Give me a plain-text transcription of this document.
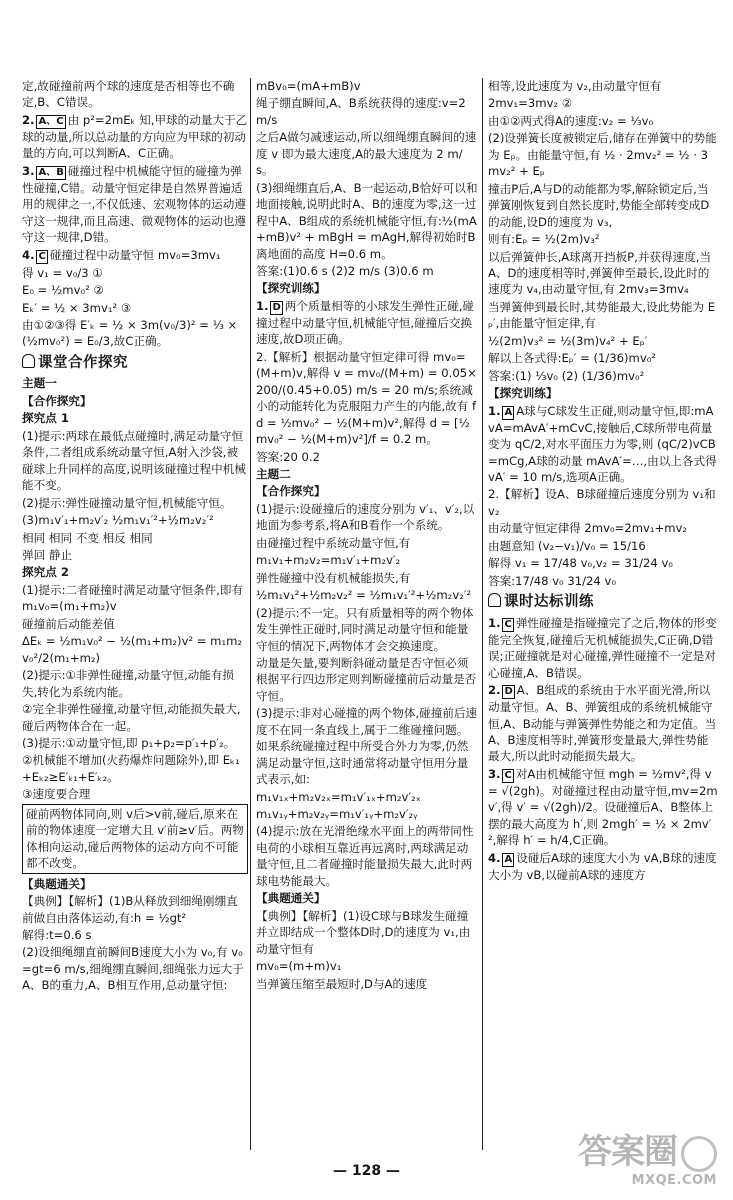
定,故碰撞前两个球的速度是否相等也不确定,B、C错误。

2. A、C 由 p²=2mEₖ 知,甲球的动量大于乙球的动量,所以总动量的方向应为甲球的初动量的方向,可以判断A、C正确。

3. A、B 碰撞过程中机械能守恒的碰撞为弹性碰撞,C错。动量守恒定律是自然界普遍适用的规律之一,不仅低速、宏观物体的运动遵守这一规律,而且高速、微观物体的运动也遵守这一规律,D错。

4. C 碰撞过程中动量守恒 mv₀=3mv₁

得 v₁ = v₀/3 ①

E₀ = ½mv₀² ②

Eₖ′ = ½ × 3mv₁² ③

由①②③得 E′ₖ = ½ × 3m(v₀/3)² = ⅓ × (½mv₀²) = E₀/3,故C正确。

课堂合作探究

主题一

【合作探究】

探究点 1

(1)提示:两球在最低点碰撞时,满足动量守恒条件,二者组成系统动量守恒,A射入沙袋,被碰球上升同样的高度,说明该碰撞过程中机械能不变。

(2)提示:弹性碰撞动量守恒,机械能守恒。

(3)m₁v′₁+m₂v′₂ ½m₁v₁′²+½m₂v₂′²

相同 相同 不变 相反 相同

弹回 静止

探究点 2

(1)提示:二者碰撞时满足动量守恒条件,即有 m₁v₀=(m₁+m₂)v

碰撞前后动能差值

ΔEₖ = ½m₁v₀² − ½(m₁+m₂)v² = m₁m₂v₀²/2(m₁+m₂)

(2)提示:①非弹性碰撞,动量守恒,动能有损失,转化为系统内能。

②完全非弹性碰撞,动量守恒,动能损失最大,碰后两物体合在一起。

(3)提示:①动量守恒,即 p₁+p₂=p′₁+p′₂。

②机械能不增加(火药爆炸问题除外),即 Eₖ₁+Eₖ₂≥E′ₖ₁+E′ₖ₂。

③速度要合理

碰前两物体同向,则 v后>v前,碰后,原来在前的物体速度一定增大且 v′前≥v′后。两物体相向运动,碰后两物体的运动方向不可能都不改变。

【典题通关】

【典例】【解析】(1)B从释放到细绳刚绷直前做自由落体运动,有:h = ½gt²

解得:t=0.6 s

(2)设细绳绷直前瞬间B速度大小为 v₀,有 v₀=gt=6 m/s,细绳绷直瞬间,细绳张力远大于A、B的重力,A、B相互作用,总动量守恒:

mBv₀=(mA+mB)v

绳子绷直瞬间,A、B系统获得的速度:v=2 m/s

之后A做匀减速运动,所以细绳绷直瞬间的速度 v 即为最大速度,A的最大速度为 2 m/s。

(3)细绳绷直后,A、B一起运动,B恰好可以和地面接触,说明此时A、B的速度为零,这一过程中A、B组成的系统机械能守恒,有:½(mA+mB)v² + mBgH = mAgH,解得初始时B离地面的高度 H=0.6 m。

答案:(1)0.6 s (2)2 m/s (3)0.6 m

【探究训练】

1. D 两个质量相等的小球发生弹性正碰,碰撞过程中动量守恒,机械能守恒,碰撞后交换速度,故D项正确。

2.【解析】根据动量守恒定律可得 mv₀=(M+m)v,解得 v = mv₀/(M+m) = 0.05×200/(0.45+0.05) m/s = 20 m/s;系统减小的动能转化为克服阻力产生的内能,故有 fd = ½mv₀² − ½(M+m)v²,解得 d = [½mv₀² − ½(M+m)v²]/f = 0.2 m。

答案:20 0.2

主题二

【合作探究】

(1)提示:设碰撞后的速度分别为 v′₁、v′₂,以地面为参考系,将A和B看作一个系统。

由碰撞过程中系统动量守恒,有

m₁v₁+m₂v₂=m₁v′₁+m₂v′₂

弹性碰撞中没有机械能损失,有

½m₁v₁²+½m₂v₂² = ½m₁v₁′²+½m₂v₂′²

(2)提示:不一定。只有质量相等的两个物体发生弹性正碰时,同时满足动量守恒和能量守恒的情况下,两物体才会交换速度。

动量是矢量,要判断斜碰动量是否守恒必须根据平行四边形定则判断碰撞前后动量是否守恒。

(3)提示:非对心碰撞的两个物体,碰撞前后速度不在同一条直线上,属于二维碰撞问题。如果系统碰撞过程中所受合外力为零,仍然满足动量守恒,这时通常将动量守恒用分量式表示,如:

m₁v₁ₓ+m₂v₂ₓ=m₁v′₁ₓ+m₂v′₂ₓ

m₁v₁ᵧ+m₂v₂ᵧ=m₁v′₁ᵧ+m₂v′₂ᵧ

(4)提示:放在光滑绝缘水平面上的两带同性电荷的小球相互靠近再远离时,两球满足动量守恒,且二者碰撞时能量损失最大,此时两球电势能最大。

【典题通关】

【典例】【解析】(1)设C球与B球发生碰撞并立即结成一个整体D时,D的速度为 v₁,由动量守恒有

mv₀=(m+m)v₁

当弹簧压缩至最短时,D与A的速度

相等,设此速度为 v₂,由动量守恒有

2mv₁=3mv₂ ②

由①②两式得A的速度:v₂ = ⅓v₀

(2)设弹簧长度被锁定后,储存在弹簧中的势能为 Eₚ。由能量守恒,有 ½ · 2mv₂² = ½ · 3mv₂² + Eₚ

撞击P后,A与D的动能都为零,解除锁定后,当弹簧刚恢复到自然长度时,势能全部转变成D的动能,设D的速度为 v₃,

则有:Eₚ = ½(2m)v₃²

以后弹簧伸长,A球离开挡板P,并获得速度,当A、D的速度相等时,弹簧伸至最长,设此时的速度为 v₄,由动量守恒,有 2mv₃=3mv₄

当弹簧伸到最长时,其势能最大,设此势能为 Eₚ′,由能量守恒定律,有

½(2m)v₃² = ½(3m)v₄² + Eₚ′

解以上各式得:Eₚ′ = (1/36)mv₀²

答案:(1) ⅓v₀ (2) (1/36)mv₀²

【探究训练】

1. A A球与C球发生正碰,则动量守恒,即:mAvA=mAvA′+mCvC,接触后,C球所带电荷量变为 qC/2,对水平面压力为零,则 (qC/2)vCB=mCg,A球的动量 mAvA′=…,由以上各式得 vA′ = 10 m/s,选项A正确。

2.【解析】设A、B球碰撞后速度分别为 v₁和 v₂

由动量守恒定律得 2mv₀=2mv₁+mv₂

由题意知 (v₂−v₁)/v₀ = 15/16

解得 v₁ = 17/48 v₀,v₂ = 31/24 v₀

答案:17/48 v₀ 31/24 v₀

课时达标训练

1. C 弹性碰撞是指碰撞完了之后,物体的形变能完全恢复,碰撞后无机械能损失,C正确,D错误;正碰撞就是对心碰撞,弹性碰撞不一定是对心碰撞,A、B错误。

2. D A、B组成的系统由于水平面光滑,所以动量守恒。A、B、弹簧组成的系统机械能守恒,A、B动能与弹簧弹性势能之和为定值。当A、B速度相等时,弹簧形变量最大,弹性势能最大,所以此时动能损失最大。

3. C 对A由机械能守恒 mgh = ½mv²,得 v = √(2gh)。对碰撞过程由动量守恒,mv=2mv′,得 v′ = √(2gh)/2。设碰撞后A、B整体上摆的最大高度为 h′,则 2mgh′ = ½ × 2mv′²,解得 h′ = h/4,C正确。

4. A 设碰后A球的速度大小为 vA,B球的速度大小为 vB,以碰前A球的速度方

— 128 —	答案圈
MXQE.COM
